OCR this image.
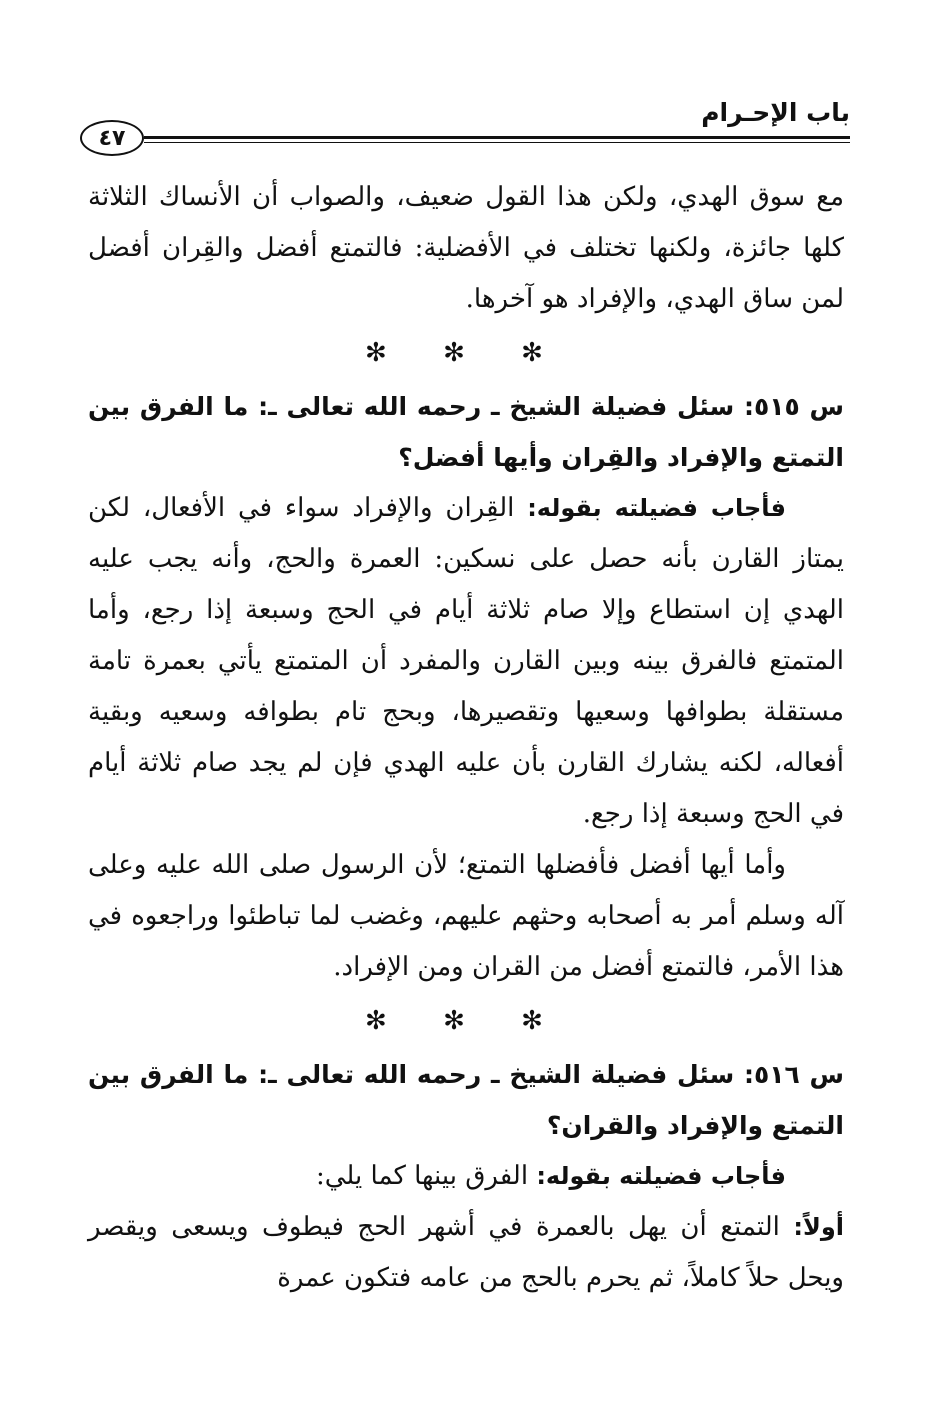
باب الإحـرام
٤٧

مع سوق الهدي، ولكن هذا القول ضعيف، والصواب أن الأنساك الثلاثة كلها جائزة، ولكنها تختلف في الأفضلية: فالتمتع أفضل والقِران أفضل لمن ساق الهدي، والإفراد هو آخرها.

✻ ✻ ✻

س ٥١٥: سئل فضيلة الشيخ ـ رحمه الله تعالى ـ: ما الفرق بين التمتع والإفراد والقِران وأيها أفضل؟

فأجاب فضيلته بقوله: القِران والإفراد سواء في الأفعال، لكن يمتاز القارن بأنه حصل على نسكين: العمرة والحج، وأنه يجب عليه الهدي إن استطاع وإلا صام ثلاثة أيام في الحج وسبعة إذا رجع، وأما المتمتع فالفرق بينه وبين القارن والمفرد أن المتمتع يأتي بعمرة تامة مستقلة بطوافها وسعيها وتقصيرها، وبحج تام بطوافه وسعيه وبقية أفعاله، لكنه يشارك القارن بأن عليه الهدي فإن لم يجد صام ثلاثة أيام في الحج وسبعة إذا رجع.

وأما أيها أفضل فأفضلها التمتع؛ لأن الرسول صلى الله عليه وعلى آله وسلم أمر به أصحابه وحثهم عليهم، وغضب لما تباطئوا وراجعوه في هذا الأمر، فالتمتع أفضل من القران ومن الإفراد.

✻ ✻ ✻

س ٥١٦: سئل فضيلة الشيخ ـ رحمه الله تعالى ـ: ما الفرق بين التمتع والإفراد والقران؟

فأجاب فضيلته بقوله: الفرق بينها كما يلي:

أولاً: التمتع أن يهل بالعمرة في أشهر الحج فيطوف ويسعى ويقصر ويحل حلاً كاملاً، ثم يحرم بالحج من عامه فتكون عمرة
